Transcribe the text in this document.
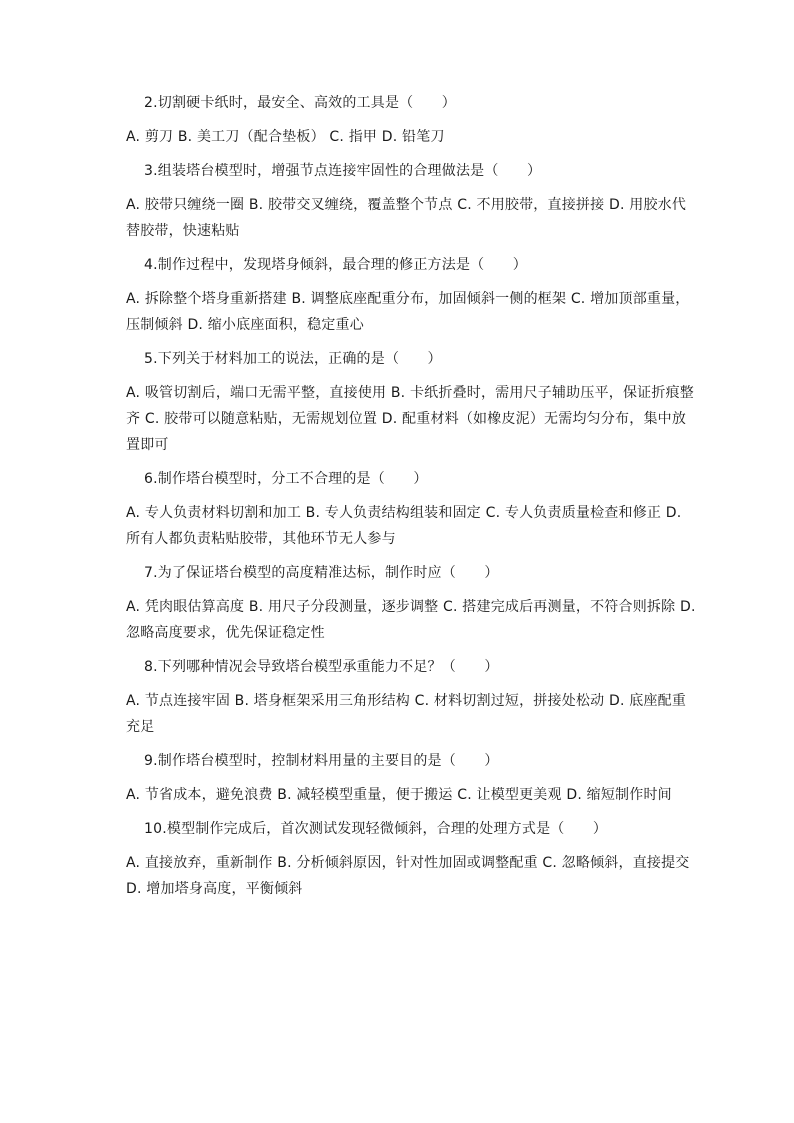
2.切割硬卡纸时，最安全、高效的工具是（　　）

A. 剪刀 B. 美工刀（配合垫板） C. 指甲 D. 铅笔刀

3.组装塔台模型时，增强节点连接牢固性的合理做法是（　　）

A. 胶带只缠绕一圈 B. 胶带交叉缠绕，覆盖整个节点 C. 不用胶带，直接拼接 D. 用胶水代替胶带，快速粘贴

4.制作过程中，发现塔身倾斜，最合理的修正方法是（　　）

A. 拆除整个塔身重新搭建 B. 调整底座配重分布，加固倾斜一侧的框架 C. 增加顶部重量，压制倾斜 D. 缩小底座面积，稳定重心

5.下列关于材料加工的说法，正确的是（　　）

A. 吸管切割后，端口无需平整，直接使用 B. 卡纸折叠时，需用尺子辅助压平，保证折痕整齐 C. 胶带可以随意粘贴，无需规划位置 D. 配重材料（如橡皮泥）无需均匀分布，集中放置即可

6.制作塔台模型时，分工不合理的是（　　）

A. 专人负责材料切割和加工 B. 专人负责结构组装和固定 C. 专人负责质量检查和修正 D. 所有人都负责粘贴胶带，其他环节无人参与

7.为了保证塔台模型的高度精准达标，制作时应（　　）

A. 凭肉眼估算高度 B. 用尺子分段测量，逐步调整 C. 搭建完成后再测量，不符合则拆除 D. 忽略高度要求，优先保证稳定性

8.下列哪种情况会导致塔台模型承重能力不足？（　　）

A. 节点连接牢固 B. 塔身框架采用三角形结构 C. 材料切割过短，拼接处松动 D. 底座配重充足

9.制作塔台模型时，控制材料用量的主要目的是（　　）

A. 节省成本，避免浪费 B. 减轻模型重量，便于搬运 C. 让模型更美观 D. 缩短制作时间

10.模型制作完成后，首次测试发现轻微倾斜，合理的处理方式是（　　）

A. 直接放弃，重新制作 B. 分析倾斜原因，针对性加固或调整配重 C. 忽略倾斜，直接提交 D. 增加塔身高度，平衡倾斜
